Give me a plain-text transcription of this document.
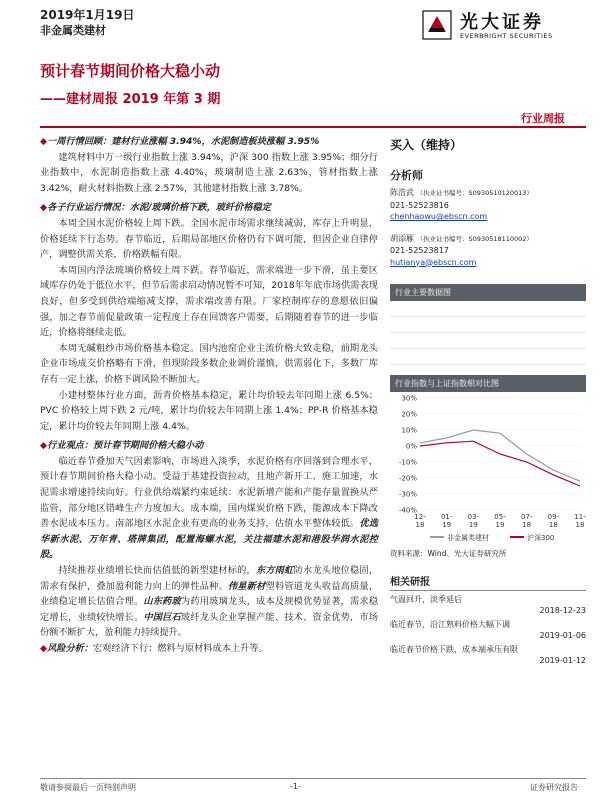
2019年1月19日
非金属类建材	光大证券
EVERBRIGHT SECURITIES
预计春节期间价格大稳小动
——建材周报 2019 年第 3 期
行业周报

◆一周行情回顾：建材行业涨幅 3.94%，水泥制造板块涨幅 3.95%

建筑材料中万一级行业指数上涨 3.94%，沪深 300 指数上涨 3.95%；细分行业指数中，水泥制造指数上涨 4.40%，玻璃制造上涨 2.63%，管材指数上涨 3.42%，耐火材料指数上涨 2.57%，其他建材指数上涨 3.78%。

◆各子行业运行情况：水泥/玻璃价格下跌，玻纤价格稳定

本周全国水泥价格较上周下跌。全国水泥市场需求继续减弱，库存上升明显，价格延续下行态势。春节临近，后期局部地区价格仍有下调可能，但因企业自律停产，调整供需关系，价格跌幅有限。

本周国内浮法玻璃价格较上周下跌。春节临近，需求端进一步下滑，虽主要区域库存仍处于低位水平，但节后需求启动情况暂不可知，2018年年底市场供需表现良好，但多受到供给端缩减支撑，需求端改善有限。厂家控制库存的意愿依旧偏强，加之春节前促量政策一定程度上存在回馈客户需要，后期随着春节的进一步临近，价格将继续走低。

本周无碱粗纱市场价格基本稳定。国内池窑企业主流价格大致走稳，前期龙头企业市场成交价格略有下滑，但现阶段多数企业调价谨慎，供需弱化下，多数厂库存有一定上涨，价格下调风险不断加大。

小建材整体行业方面，沥青价格基本稳定，累计均价较去年同期上涨 6.5%；PVC 价格较上周下跌 2 元/吨，累计均价较去年同期上涨 1.4%；PP-R 价格基本稳定，累计均价较去年同期上涨 4.4%。

◆行业观点：预计春节期间价格大稳小动

临近春节叠加天气因素影响，市场进入淡季，水泥价格有序回落到合理水平，预计春节期间价格大稳小动。受益于基建投资拉动，且地产新开工、施工加速，水泥需求增速持续向好。行业供给端紧约束延续：水泥新增产能和产能存量置换从严监管，部分地区错峰生产力度加大。成本端，国内煤炭价格下跌，能源成本下降改善水泥成本压力。南部地区水泥企业有更高的业务支持，估值水平整体较低。优选华新水泥、万年青、塔牌集团，配置海螺水泥，关注福建水泥和港股华润水泥控股。

持续推荐业绩增长快而估值低的新型建材标的，东方雨虹防水龙头地位稳固，需求有保护，叠加盈利能力向上的弹性品种。伟星新材塑料管道龙头收益高质量，业绩稳定增长估值合理。山东药玻为药用玻璃龙头，成本及规模优势显著，需求稳定增长，业绩较快增长。中国巨石玻纤龙头企业掌握产能、技术、资金优势，市场份额不断扩大，盈利能力持续提升。

◆风险分析：宏观经济下行；燃料与原材料成本上升等。

买入（维持）
分析师
陈浩武 （执业证书编号：S0930510120013）
021-52523816
chenhaowu@ebscn.com
胡添雁 （执业证书编号：S0930518110002）
021-52523817
hutianya@ebscn.com
行业主要数据图

行业指数与上证指数相对比图
30%
20%
10%
0%
-10%
-20%
-30%
-40%
12-
18
01-
19
03-
19
05-
19
07-
18
09-
18
11-
18
非金属类建材	沪深300
资料来源：Wind、光大证券研究所
相关研报
气温回升，淡季延后
2018-12-23
临近春节，沿江熟料价格大幅下调
2019-01-06
临近春节价格下跌，成本端承压有限
2019-01-12
敬请参阅最后一页特别声明	-1-	证券研究报告
